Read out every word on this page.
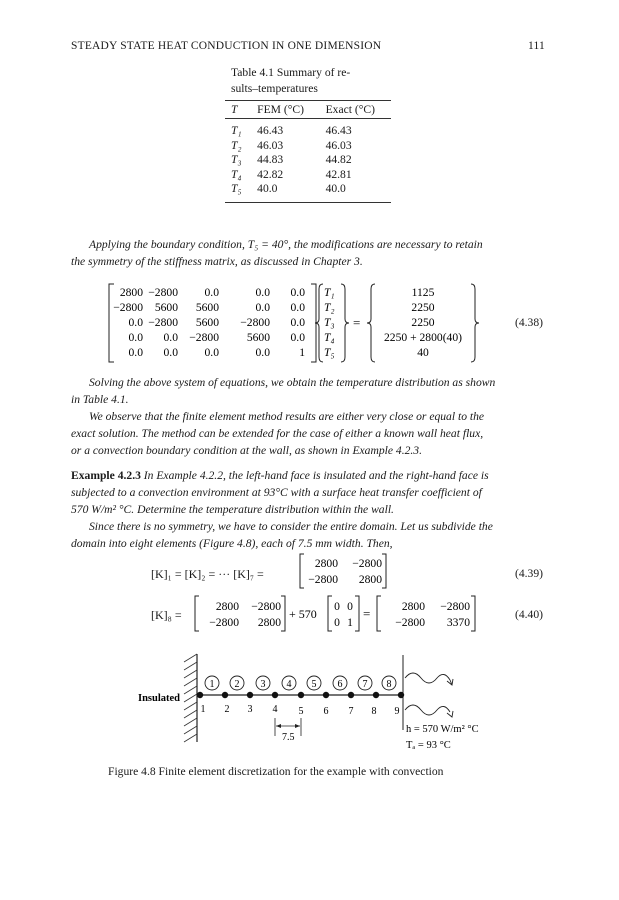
STEADY STATE HEAT CONDUCTION IN ONE DIMENSION	111
Table 4.1 Summary of re-
sults–temperatures
T	FEM (°C)	Exact (°C)
T₁	46.43	46.43
T₂	46.03	46.03
T₃	44.83	44.82
T₄	42.82	42.81
T₅	40.0	40.0
Applying the boundary condition, T₅ = 40°, the modifications are necessary to retain
the symmetry of the stiffness matrix, as discussed in Chapter 3.
2800 −2800 0.0	0.0 0.0
−2800 5600 5600	0.0 0.0
0.0 −2800 5600 −2800 0.0
0.0 0.0 −2800 5600 0.0
0.0 0.0 0.0	0.0	1
T₁
T₂
T₃
T₄
T₅
=
1125
2250
2250
2250 + 2800(40)
40
(4.38)
Solving the above system of equations, we obtain the temperature distribution as shown
in Table 4.1.
We observe that the finite element method results are either very close or equal to the
exact solution. The method can be extended for the case of either a known wall heat flux,
or a convection boundary condition at the wall, as shown in Example 4.2.3.
Example 4.2.3 In Example 4.2.2, the left-hand face is insulated and the right-hand face is
subjected to a convection environment at 93°C with a surface heat transfer coefficient of
570 W/m² °C. Determine the temperature distribution within the wall.
Since there is no symmetry, we have to consider the entire domain. Let us subdivide the
domain into eight elements (Figure 4.8), each of 7.5 mm width. Then,
[K]₁ = [K]₂ = ··· [K]₇ =
2800 −2800
−2800 2800	(4.39)
[K]₈ =
2800 −2800
−2800 2800
+ 570
0 0
0 1
=	2800 −2800
−2800 3370
(4.40)
Insulated
1 2 3 4 5 6 7 8
1 2 3 4 5 6 7 8 9
7.5
h = 570 W/m² °C
Tₐ = 93 °C
Figure 4.8 Finite element discretization for the example with convection
